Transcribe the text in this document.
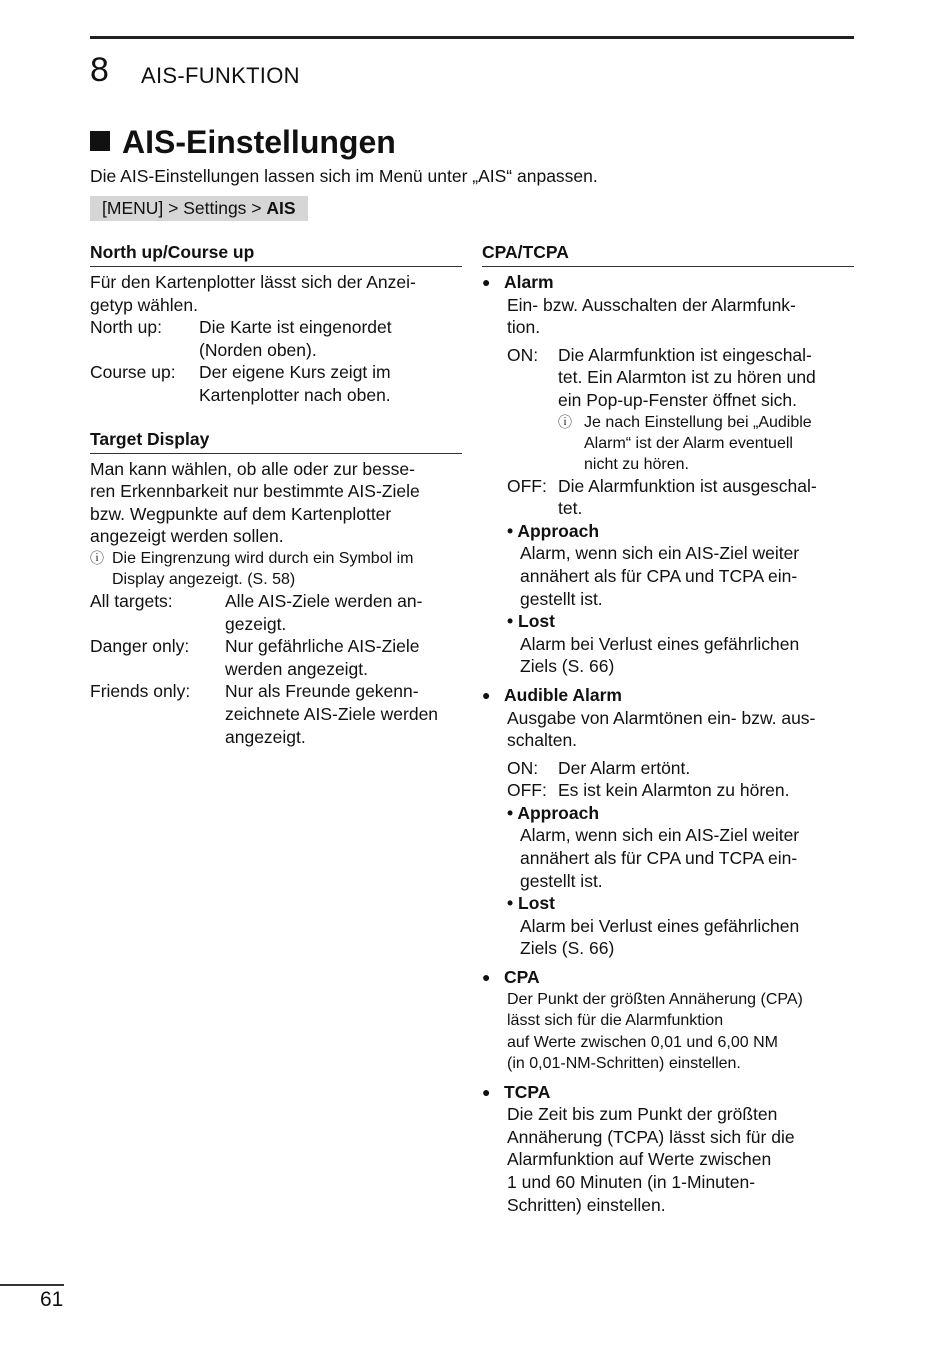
8 AIS-FUNKTION
AIS-Einstellungen
Die AIS-Einstellungen lassen sich im Menü unter „AIS“ anpassen.
[MENU] > Settings > AIS
North up/Course up
Für den Kartenplotter lässt sich der Anzei-
getyp wählen.
North up:	Die Karte ist eingenordet
(Norden oben).
Course up:	Der eigene Kurs zeigt im
Kartenplotter nach oben.
Target Display
Man kann wählen, ob alle oder zur besse-
ren Erkennbarkeit nur bestimmte AIS-Ziele
bzw. Wegpunkte auf dem Kartenplotter
angezeigt werden sollen.
ⓘ Die Eingrenzung wird durch ein Symbol im
Display angezeigt. (S. 58)
All targets:	Alle AIS-Ziele werden an-
gezeigt.
Danger only:	Nur gefährliche AIS-Ziele
werden angezeigt.
Friends only:	Nur als Freunde gekenn-
zeichnete AIS-Ziele werden
angezeigt.
CPA/TCPA
● Alarm
Ein- bzw. Ausschalten der Alarmfunk-
tion.
ON:	Die Alarmfunktion ist eingeschal-
tet. Ein Alarmton ist zu hören und
ein Pop-up-Fenster öffnet sich.
ⓘ Je nach Einstellung bei „Audible
Alarm“ ist der Alarm eventuell
nicht zu hören.
OFF: Die Alarmfunktion ist ausgeschal-
tet.
• Approach
Alarm, wenn sich ein AIS-Ziel weiter
annähert als für CPA und TCPA ein-
gestellt ist.
• Lost
Alarm bei Verlust eines gefährlichen
Ziels (S. 66)
● Audible Alarm
Ausgabe von Alarmtönen ein- bzw. aus-
schalten.
ON:	Der Alarm ertönt.
OFF: Es ist kein Alarmton zu hören.
• Approach
Alarm, wenn sich ein AIS-Ziel weiter
annähert als für CPA und TCPA ein-
gestellt ist.
• Lost
Alarm bei Verlust eines gefährlichen
Ziels (S. 66)
● CPA
Der Punkt der größten Annäherung (CPA)
lässt sich für die Alarmfunktion
auf Werte zwischen 0,01 und 6,00 NM
(in 0,01-NM-Schritten) einstellen.
● TCPA
Die Zeit bis zum Punkt der größten
Annäherung (TCPA) lässt sich für die
Alarmfunktion auf Werte zwischen
1 und 60 Minuten (in 1-Minuten-
Schritten) einstellen.
61
